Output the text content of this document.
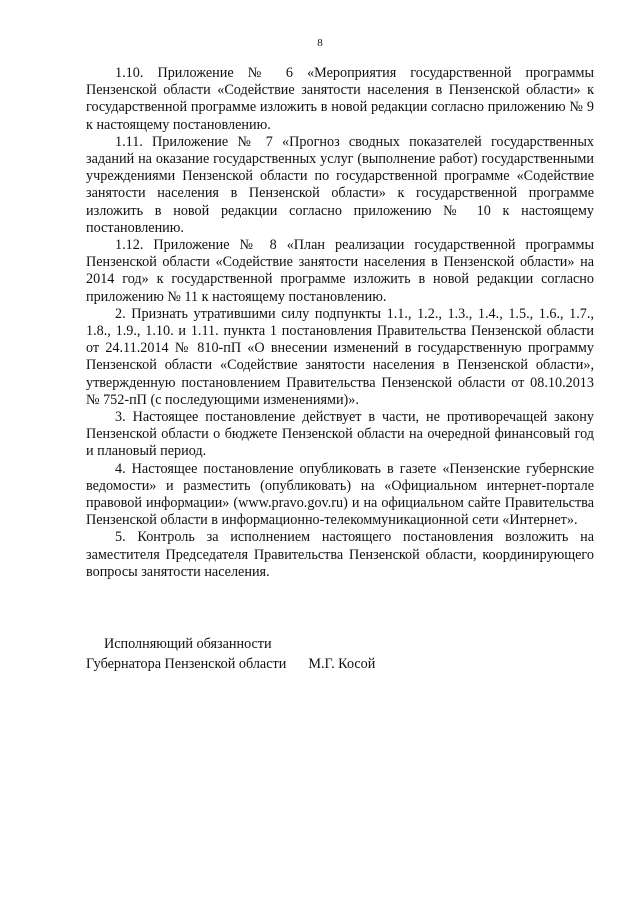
8

1.10. Приложение № 6 «Мероприятия государственной программы Пензенской области «Содействие занятости населения в Пензенской области» к государственной программе изложить в новой редакции согласно приложению № 9 к настоящему постановлению.

1.11. Приложение № 7 «Прогноз сводных показателей государственных заданий на оказание государственных услуг (выполнение работ) государственными учреждениями Пензенской области по государственной программе «Содействие занятости населения в Пензенской области» к государственной программе изложить в новой редакции согласно приложению № 10 к настоящему постановлению.

1.12. Приложение № 8 «План реализации государственной программы Пензенской области «Содействие занятости населения в Пензенской области» на 2014 год» к государственной программе изложить в новой редакции согласно приложению № 11 к настоящему постановлению.

2. Признать утратившими силу подпункты 1.1., 1.2., 1.3., 1.4., 1.5., 1.6., 1.7., 1.8., 1.9., 1.10. и 1.11. пункта 1 постановления Правительства Пензенской области от 24.11.2014 № 810-пП «О внесении изменений в государственную программу Пензенской области «Содействие занятости населения в Пензенской области», утвержденную постановлением Правительства Пензенской области от 08.10.2013 № 752-пП (с последующими изменениями)».

3. Настоящее постановление действует в части, не противоречащей закону Пензенской области о бюджете Пензенской области на очередной финансовый год и плановый период.

4. Настоящее постановление опубликовать в газете «Пензенские губернские ведомости» и разместить (опубликовать) на «Официальном интернет-портале правовой информации» (www.pravo.gov.ru) и на официальном сайте Правительства Пензенской области в информационно-телекоммуникационной сети «Интернет».

5. Контроль за исполнением настоящего постановления возложить на заместителя Председателя Правительства Пензенской области, координирующего вопросы занятости населения.

Исполняющий обязанности
Губернатора Пензенской области М.Г. Косой
